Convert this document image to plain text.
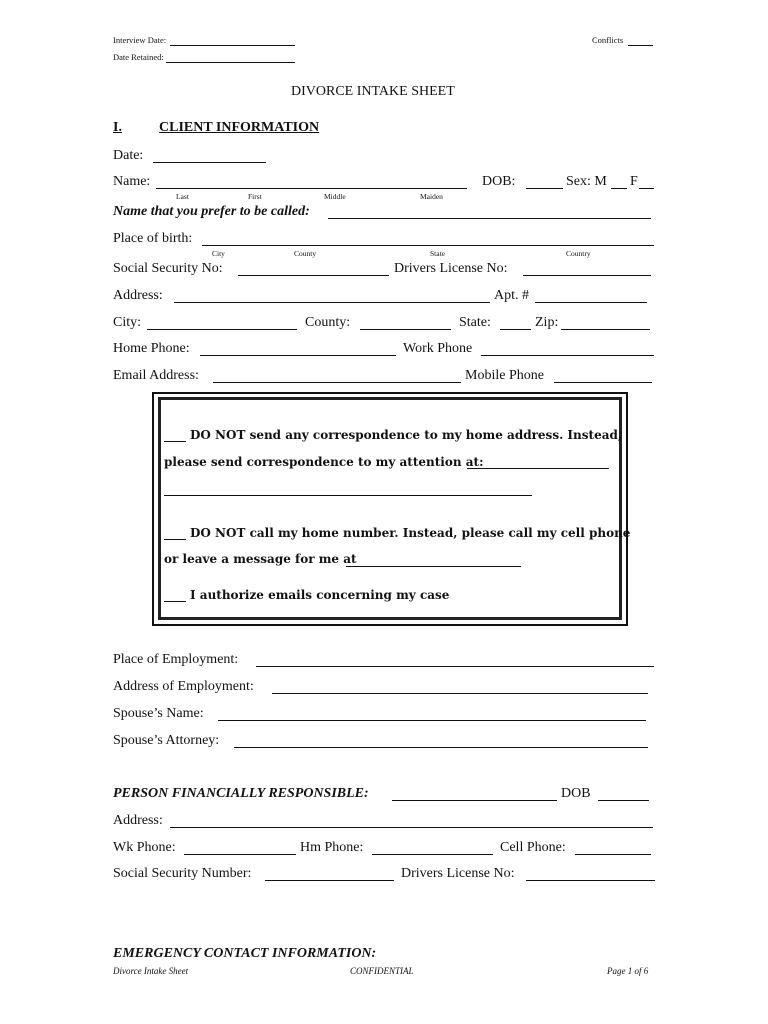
Interview Date:	Conflicts
Date Retained:
DIVORCE INTAKE SHEET
I.	CLIENT INFORMATION
Date:
Name:	DOB:	Sex: M F
Last	First	Middle	Maiden
Name that you prefer to be called:
Place of birth:
City	County	State	Country
Social Security No:	Drivers License No:
Address:	Apt. #
City:	County:	State:	Zip:
Home Phone:	Work Phone
Email Address:	Mobile Phone
DO NOT send any correspondence to my home address. Instead,
please send correspondence to my attention at:
DO NOT call my home number. Instead, please call my cell phone
or leave a message for me at
I authorize emails concerning my case
Place of Employment:
Address of Employment:
Spouse’s Name:
Spouse’s Attorney:
PERSON FINANCIALLY RESPONSIBLE:	DOB
Address:
Wk Phone:	Hm Phone:	Cell Phone:
Social Security Number:	Drivers License No:
EMERGENCY CONTACT INFORMATION:
Divorce Intake Sheet	CONFIDENTIAL	Page 1 of 6
